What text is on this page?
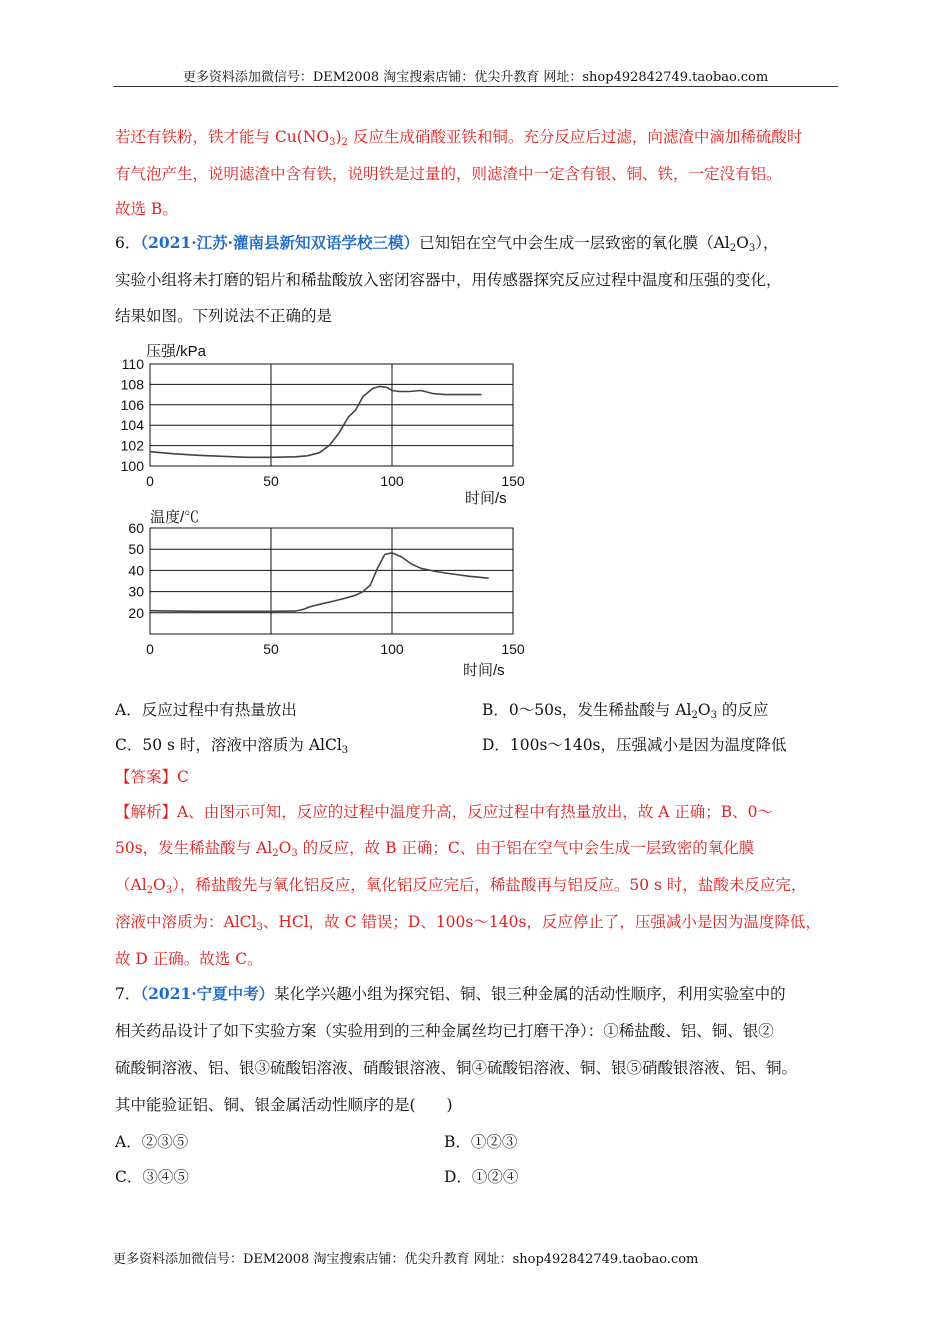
更多资料添加微信号：DEM2008 淘宝搜索店铺：优尖升教育 网址：shop492842749.taobao.com
若还有铁粉，铁才能与 $Cu(NO_3)_2$ 反应生成硝酸亚铁和铜。充分反应后过滤，向滤渣中滴加稀硫酸时
有气泡产生，说明滤渣中含有铁，说明铁是过量的，则滤渣中一定含有银、铜、铁，一定没有铝。
故选 B。
6．（2021·江苏·灌南县新知双语学校三模）已知铝在空气中会生成一层致密的氧化膜$(Al_2O_3)$，
实验小组将未打磨的铝片和稀盐酸放入密闭容器中，用传感器探究反应过程中温度和压强的变化，
结果如图。下列说法不正确的是
100
102
104
106
108
110
0	50	100	150
压强/kPa
时间/s
20
30
40
50
60
0	50	100	150
温度/℃
时间/s
A．反应过程中有热量放出	B．0～50s，发生稀盐酸与 $Al_2O_3$ 的反应
C．50 s 时，溶液中溶质为 AlCl$_3$	D．100s～140s，压强减小是因为温度降低
【答案】C
【解析】A、由图示可知，反应的过程中温度升高，反应过程中有热量放出，故 A 正确；B、0～
50s，发生稀盐酸与 $Al_2O_3$ 的反应，故 B 正确；C、由于铝在空气中会生成一层致密的氧化膜
$(Al_2O_3)$，稀盐酸先与氧化铝反应，氧化铝反应完后，稀盐酸再与铝反应。50 s 时，盐酸未反应完，
溶液中溶质为：AlCl$_3$、HCl，故 C 错误；D、100s～140s，反应停止了，压强减小是因为温度降低，
故 D 正确。故选 C。
7．（2021·宁夏中考）某化学兴趣小组为探究铝、铜、银三种金属的活动性顺序，利用实验室中的
相关药品设计了如下实验方案（实验用到的三种金属丝均已打磨干净）：①稀盐酸、铝、铜、银②
硫酸铜溶液、铝、银③硫酸铝溶液、硝酸银溶液、铜④硫酸铝溶液、铜、银⑤硝酸银溶液、铝、铜。
其中能验证铝、铜、银金属活动性顺序的是(　　)
A．②③⑤	B．①②③
C．③④⑤	D．①②④
更多资料添加微信号：DEM2008 淘宝搜索店铺：优尖升教育 网址：shop492842749.taobao.com
